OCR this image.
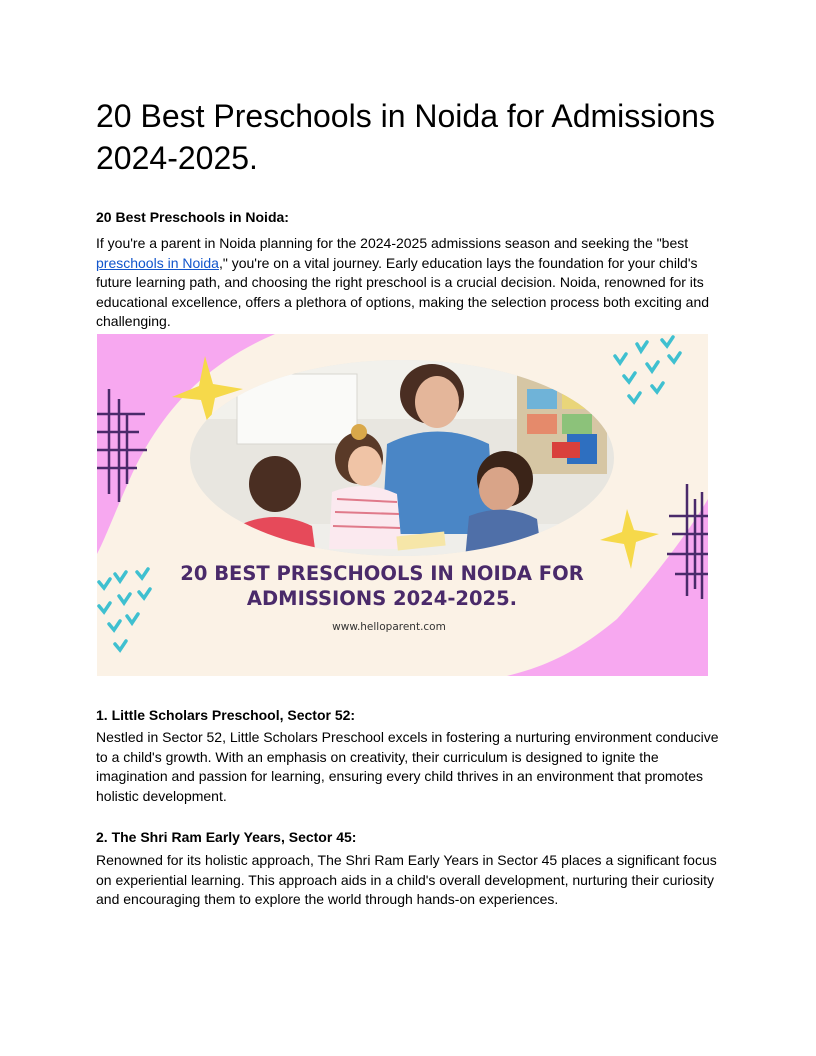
20 Best Preschools in Noida for Admissions 2024-2025.
20 Best Preschools in Noida:

If you're a parent in Noida planning for the 2024-2025 admissions season and seeking the "best preschools in Noida," you're on a vital journey. Early education lays the foundation for your child's future learning path, and choosing the right preschool is a crucial decision. Noida, renowned for its educational excellence, offers a plethora of options, making the selection process both exciting and challenging.

20 BEST PRESCHOOLS IN NOIDA FOR
ADMISSIONS 2024-2025.
www.helloparent.com
1. Little Scholars Preschool, Sector 52:

Nestled in Sector 52, Little Scholars Preschool excels in fostering a nurturing environment conducive to a child's growth. With an emphasis on creativity, their curriculum is designed to ignite the imagination and passion for learning, ensuring every child thrives in an environment that promotes holistic development.

2. The Shri Ram Early Years, Sector 45:

Renowned for its holistic approach, The Shri Ram Early Years in Sector 45 places a significant focus on experiential learning. This approach aids in a child's overall development, nurturing their curiosity and encouraging them to explore the world through hands-on experiences.
